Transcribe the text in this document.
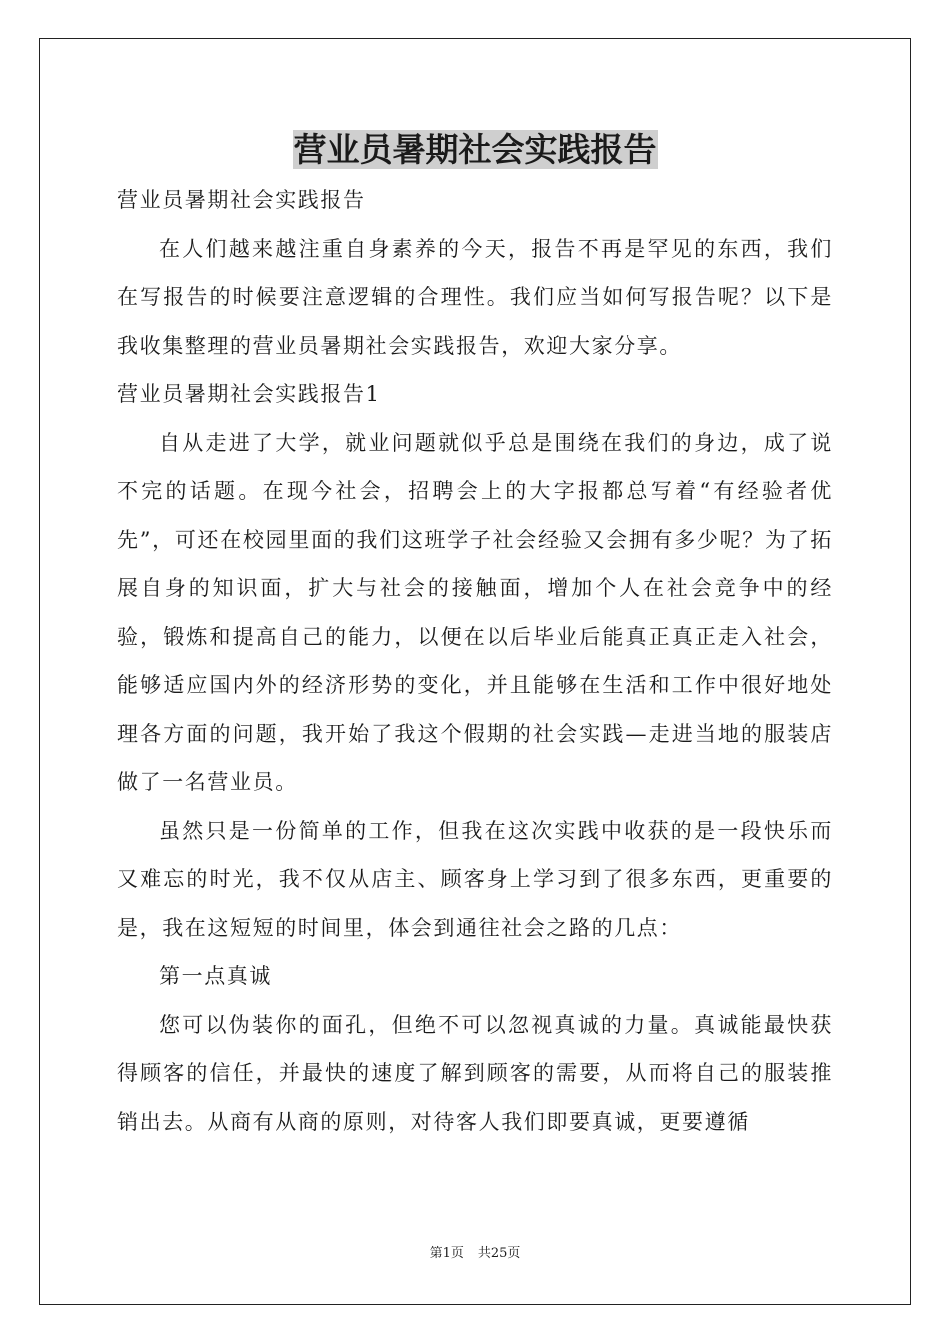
营业员暑期社会实践报告

营业员暑期社会实践报告

在人们越来越注重自身素养的今天，报告不再是罕见的东西，我们在写报告的时候要注意逻辑的合理性。我们应当如何写报告呢？以下是我收集整理的营业员暑期社会实践报告，欢迎大家分享。

营业员暑期社会实践报告1

自从走进了大学，就业问题就似乎总是围绕在我们的身边，成了说不完的话题。在现今社会，招聘会上的大字报都总写着“有经验者优先”，可还在校园里面的我们这班学子社会经验又会拥有多少呢？为了拓展自身的知识面，扩大与社会的接触面，增加个人在社会竞争中的经验，锻炼和提高自己的能力，以便在以后毕业后能真正真正走入社会，能够适应国内外的经济形势的变化，并且能够在生活和工作中很好地处理各方面的问题，我开始了我这个假期的社会实践—走进当地的服装店做了一名营业员。

虽然只是一份简单的工作，但我在这次实践中收获的是一段快乐而又难忘的时光，我不仅从店主、顾客身上学习到了很多东西，更重要的是，我在这短短的时间里，体会到通往社会之路的几点：

第一点真诚

您可以伪装你的面孔，但绝不可以忽视真诚的力量。真诚能最快获得顾客的信任，并最快的速度了解到顾客的需要，从而将自己的服装推销出去。从商有从商的原则，对待客人我们即要真诚，更要遵循

第1页 共25页
